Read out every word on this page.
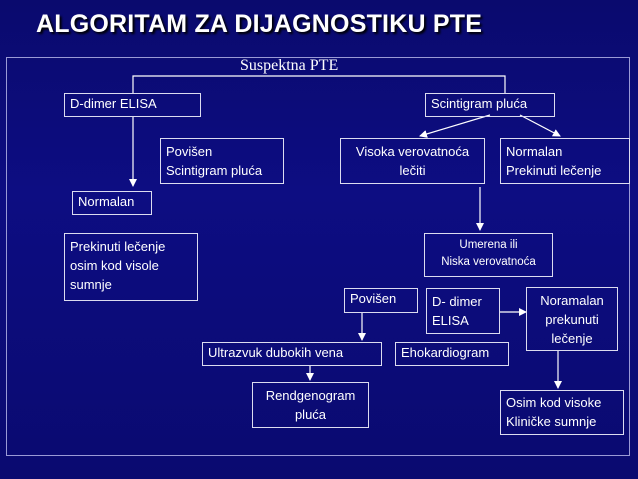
ALGORITAM ZA DIJAGNOSTIKU PTE
Suspektna PTE
D-dimer ELISA	Scintigram pluća
Povišen
Scintigram pluća
Visoka verovatnoća
lečiti
Normalan
Prekinuti lečenje
Normalan
Prekinuti lečenje
osim kod visole
sumnje
Umerena ili
Niska verovatnoća
Povišen	D- dimer
ELISA
Noramalan
prekunuti
lečenje
Ultrazvuk dubokih vena	Ehokardiogram
Rendgenogram
pluća
Osim kod visoke
Kliničke sumnje
